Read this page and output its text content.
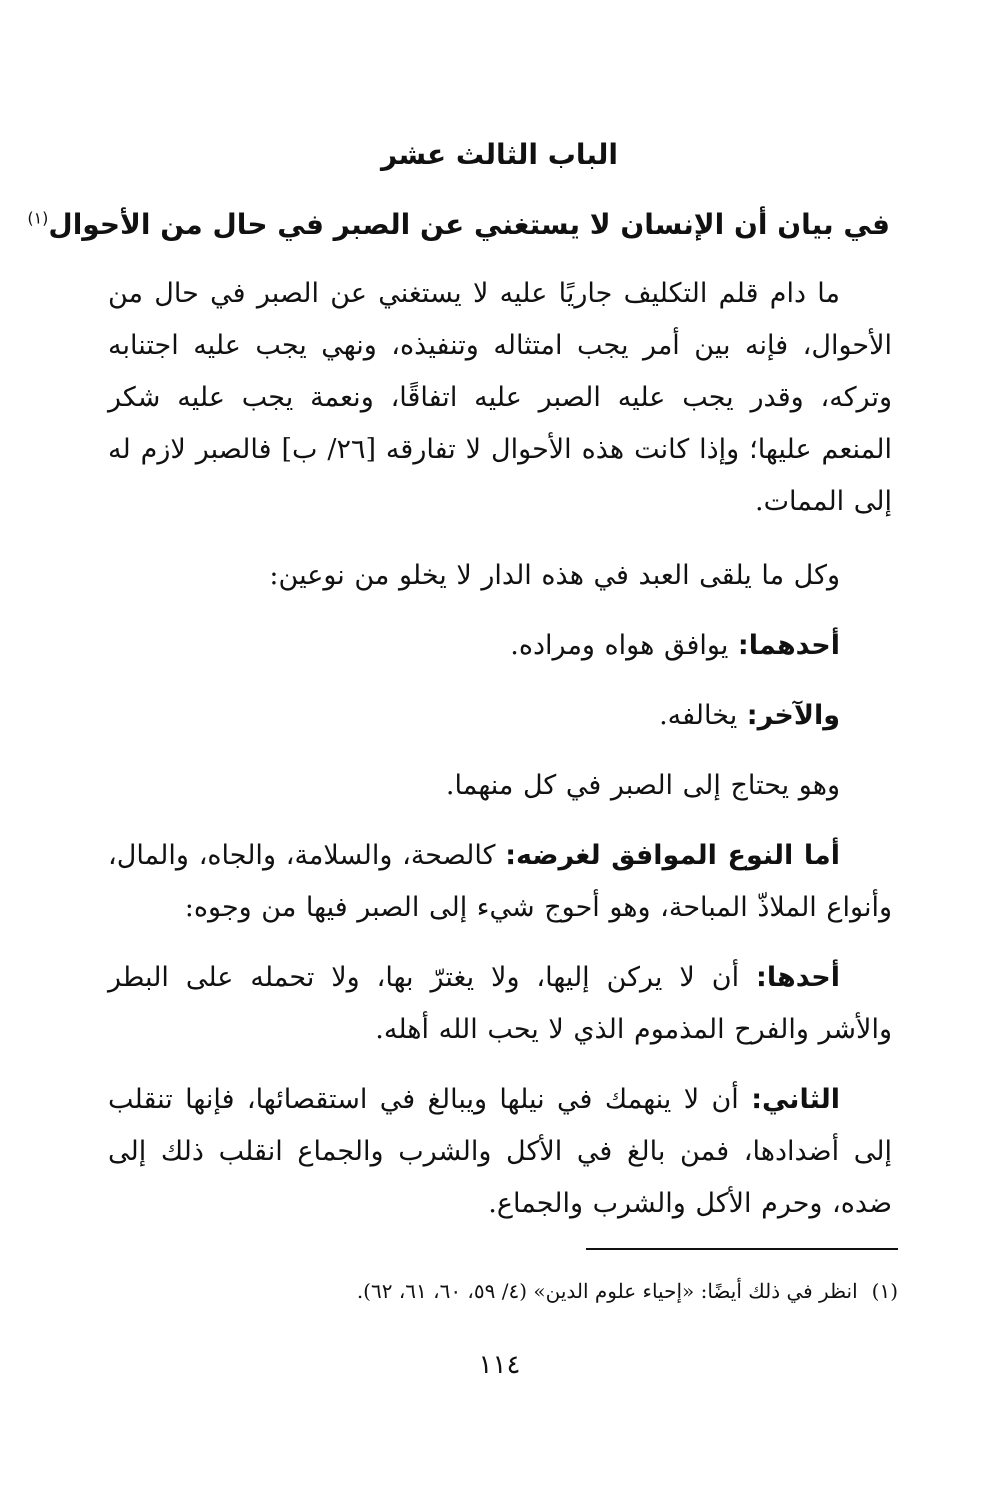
الباب الثالث عشر
في بيان أن الإنسان لا يستغني عن الصبر في حال من الأحوال$^{(١)}$

ما دام قلم التكليف جاريًا عليه لا يستغني عن الصبر في حال من الأحوال، فإنه بين أمر يجب امتثاله وتنفيذه، ونهي يجب عليه اجتنابه وتركه، وقدر يجب عليه الصبر عليه اتفاقًا، ونعمة يجب عليه شكر المنعم عليها؛ وإذا كانت هذه الأحوال لا تفارقه [٢٦/ ب] فالصبر لازم له إلى الممات.

وكل ما يلقى العبد في هذه الدار لا يخلو من نوعين:

أحدهما: يوافق هواه ومراده.

والآخر: يخالفه.

وهو يحتاج إلى الصبر في كل منهما.

أما النوع الموافق لغرضه: كالصحة، والسلامة، والجاه، والمال، وأنواع الملاذّ المباحة، وهو أحوج شيء إلى الصبر فيها من وجوه:

أحدها: أن لا يركن إليها، ولا يغترّ بها، ولا تحمله على البطر والأشر والفرح المذموم الذي لا يحب الله أهله.

الثاني: أن لا ينهمك في نيلها ويبالغ في استقصائها، فإنها تنقلب إلى أضدادها، فمن بالغ في الأكل والشرب والجماع انقلب ذلك إلى ضده، وحرم الأكل والشرب والجماع.

(١)انظر في ذلك أيضًا: «إحياء علوم الدين» (٤/ ٥٩، ٦٠، ٦١، ٦٢).

١١٤
